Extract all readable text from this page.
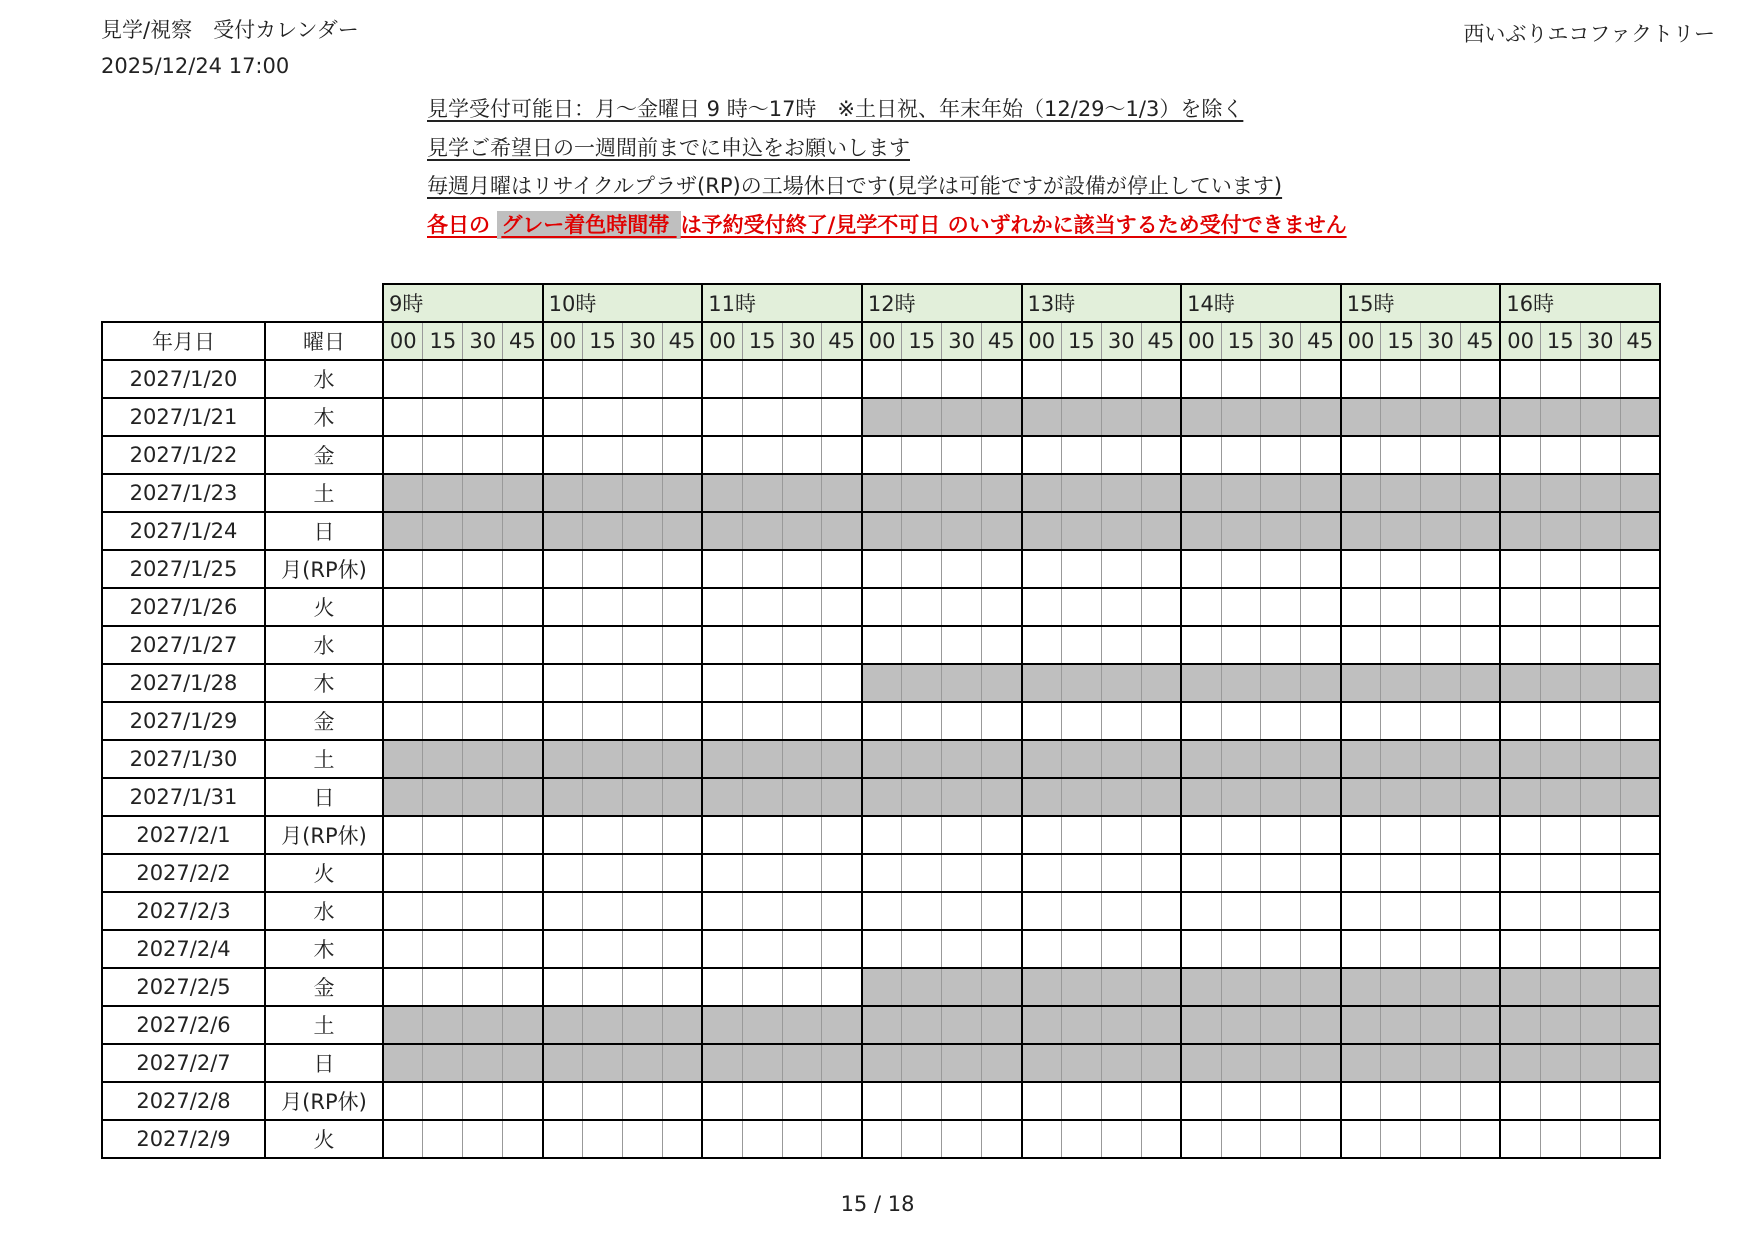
見学/視察　受付カレンダー
2025/12/24 17:00
西いぶりエコファクトリー
見学受付可能日：月～金曜日 9 時～17時　※土日祝、年末年始（12/29～1/3）を除く
見学ご希望日の一週間前までに申込をお願いします
毎週月曜はリサイクルプラザ(RP)の工場休日です(見学は可能ですが設備が停止しています)
各日の グレー着色時間帯 は予約受付終了/見学不可日 のいずれかに該当するため受付できません
		9時				10時				11時				12時				13時				14時				15時				16時			
年月日	曜日	00	15	30	45	00	15	30	45	00	15	30	45	00	15	30	45	00	15	30	45	00	15	30	45	00	15	30	45	00	15	30	45
2027/1/20	水																																
2027/1/21	木																																
2027/1/22	金																																
2027/1/23	土																																
2027/1/24	日																																
2027/1/25	月(RP休)																																
2027/1/26	火																																
2027/1/27	水																																
2027/1/28	木																																
2027/1/29	金																																
2027/1/30	土																																
2027/1/31	日																																
2027/2/1	月(RP休)																																
2027/2/2	火																																
2027/2/3	水																																
2027/2/4	木																																
2027/2/5	金																																
2027/2/6	土																																
2027/2/7	日																																
2027/2/8	月(RP休)																																
2027/2/9	火																																
15 / 18
